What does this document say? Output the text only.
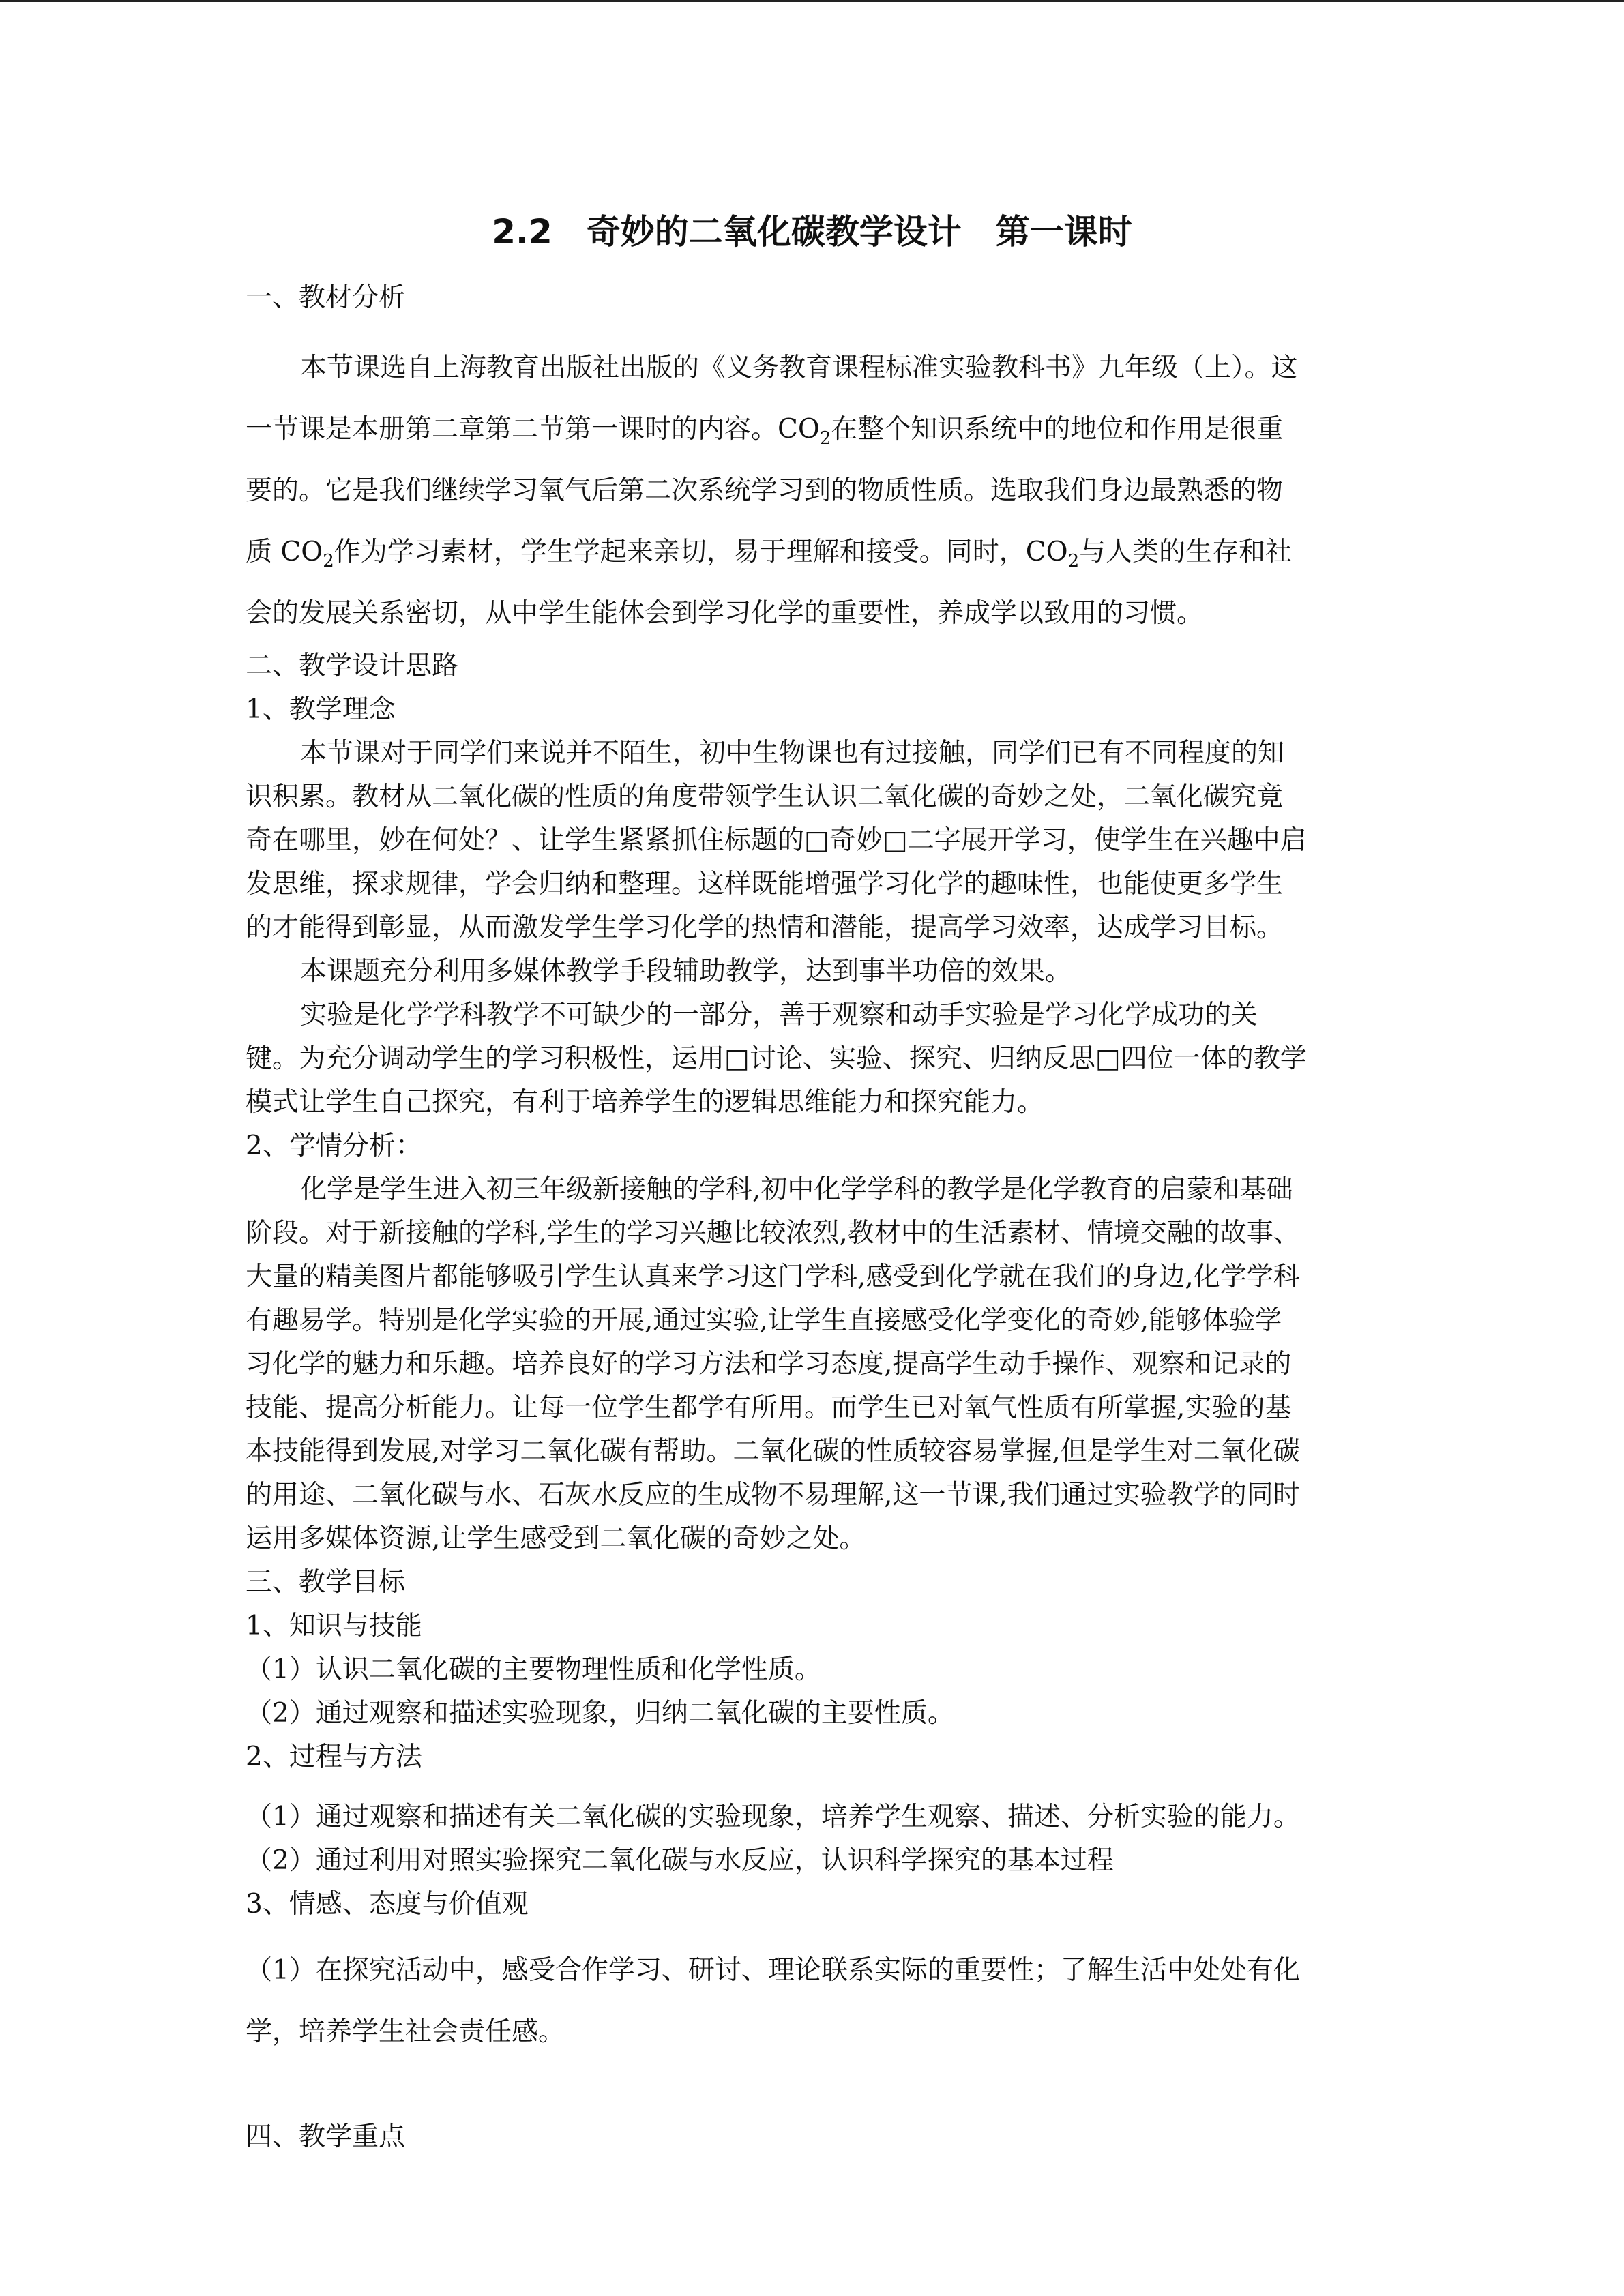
2.2　奇妙的二氧化碳教学设计　第一课时
一、教材分析
本节课选自上海教育出版社出版的《义务教育课程标准实验教科书》九年级（上）。这
一节课是本册第二章第二节第一课时的内容。$CO_2$在整个知识系统中的地位和作用是很重
要的。它是我们继续学习氧气后第二次系统学习到的物质性质。选取我们身边最熟悉的物
质 $CO_2$作为学习素材，学生学起来亲切，易于理解和接受。同时，$CO_2$与人类的生存和社
会的发展关系密切，从中学生能体会到学习化学的重要性，养成学以致用的习惯。
二、教学设计思路
1、教学理念
本节课对于同学们来说并不陌生，初中生物课也有过接触，同学们已有不同程度的知
识积累。教材从二氧化碳的性质的角度带领学生认识二氧化碳的奇妙之处，二氧化碳究竟
奇在哪里，妙在何处？、让学生紧紧抓住标题的□奇妙□二字展开学习，使学生在兴趣中启
发思维，探求规律，学会归纳和整理。这样既能增强学习化学的趣味性，也能使更多学生
的才能得到彰显，从而激发学生学习化学的热情和潜能，提高学习效率，达成学习目标。
本课题充分利用多媒体教学手段辅助教学，达到事半功倍的效果。
实验是化学学科教学不可缺少的一部分，善于观察和动手实验是学习化学成功的关
键。为充分调动学生的学习积极性，运用□讨论、实验、探究、归纳反思□四位一体的教学
模式让学生自己探究，有利于培养学生的逻辑思维能力和探究能力。
2、学情分析：
化学是学生进入初三年级新接触的学科,初中化学学科的教学是化学教育的启蒙和基础
阶段。对于新接触的学科,学生的学习兴趣比较浓烈,教材中的生活素材、情境交融的故事、
大量的精美图片都能够吸引学生认真来学习这门学科,感受到化学就在我们的身边,化学学科
有趣易学。特别是化学实验的开展,通过实验,让学生直接感受化学变化的奇妙,能够体验学
习化学的魅力和乐趣。培养良好的学习方法和学习态度,提高学生动手操作、观察和记录的
技能、提高分析能力。让每一位学生都学有所用。而学生已对氧气性质有所掌握,实验的基
本技能得到发展,对学习二氧化碳有帮助。二氧化碳的性质较容易掌握,但是学生对二氧化碳
的用途、二氧化碳与水、石灰水反应的生成物不易理解,这一节课,我们通过实验教学的同时
运用多媒体资源,让学生感受到二氧化碳的奇妙之处。
三、教学目标
1、知识与技能
（1）认识二氧化碳的主要物理性质和化学性质。
（2）通过观察和描述实验现象，归纳二氧化碳的主要性质。
2、过程与方法
（1）通过观察和描述有关二氧化碳的实验现象，培养学生观察、描述、分析实验的能力。
（2）通过利用对照实验探究二氧化碳与水反应，认识科学探究的基本过程
3、情感、态度与价值观
（1）在探究活动中，感受合作学习、研讨、理论联系实际的重要性；了解生活中处处有化
学，培养学生社会责任感。
四、教学重点
